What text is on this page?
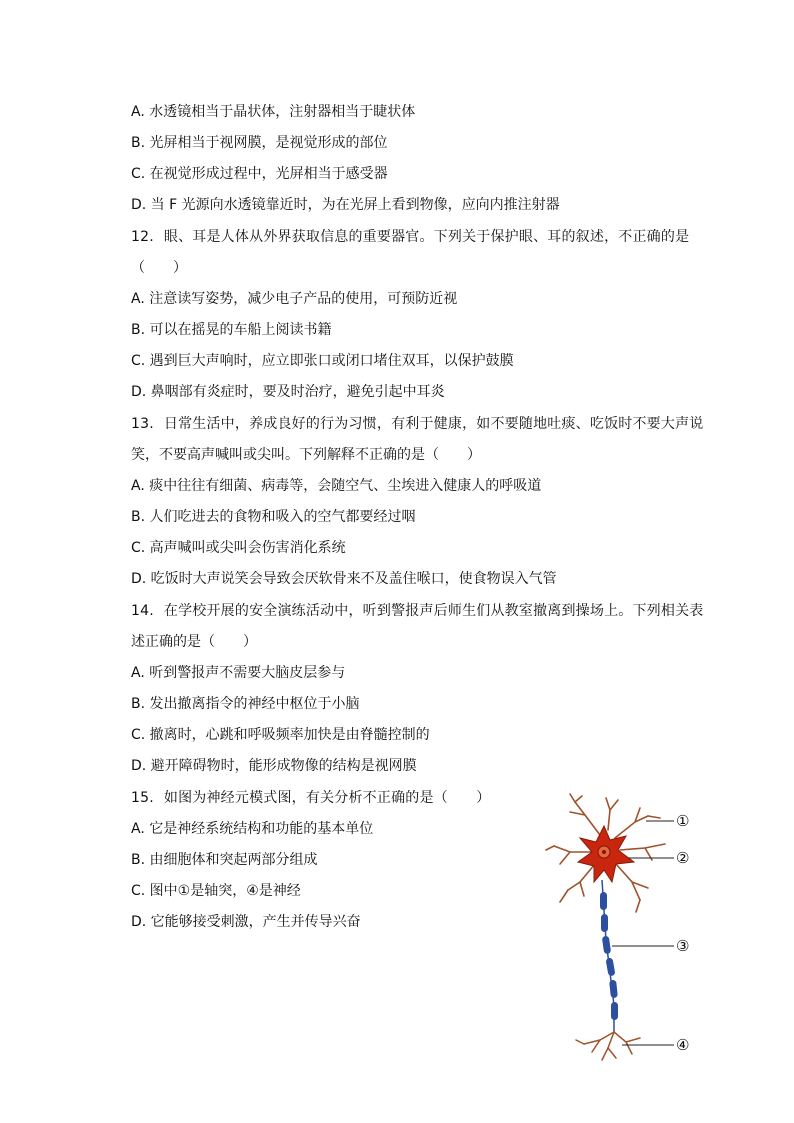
A. 水透镜相当于晶状体，注射器相当于睫状体
B. 光屏相当于视网膜，是视觉形成的部位
C. 在视觉形成过程中，光屏相当于感受器
D. 当 F 光源向水透镜靠近时，为在光屏上看到物像，应向内推注射器
12. 眼、耳是人体从外界获取信息的重要器官。下列关于保护眼、耳的叙述，不正确的是
（　　）
A. 注意读写姿势，减少电子产品的使用，可预防近视
B. 可以在摇晃的车船上阅读书籍
C. 遇到巨大声响时，应立即张口或闭口堵住双耳，以保护鼓膜
D. 鼻咽部有炎症时，要及时治疗，避免引起中耳炎
13. 日常生活中，养成良好的行为习惯，有利于健康，如不要随地吐痰、吃饭时不要大声说
笑，不要高声喊叫或尖叫。下列解释不正确的是（　　）
A. 痰中往往有细菌、病毒等，会随空气、尘埃进入健康人的呼吸道
B. 人们吃进去的食物和吸入的空气都要经过咽
C. 高声喊叫或尖叫会伤害消化系统
D. 吃饭时大声说笑会导致会厌软骨来不及盖住喉口，使食物误入气管
14. 在学校开展的安全演练活动中，听到警报声后师生们从教室撤离到操场上。下列相关表
述正确的是（　　）
A. 听到警报声不需要大脑皮层参与
B. 发出撤离指令的神经中枢位于小脑
C. 撤离时，心跳和呼吸频率加快是由脊髓控制的
D. 避开障碍物时，能形成物像的结构是视网膜
15. 如图为神经元模式图，有关分析不正确的是（　　）
A. 它是神经系统结构和功能的基本单位
B. 由细胞体和突起两部分组成
C. 图中①是轴突，④是神经
D. 它能够接受刺激，产生并传导兴奋
①
②
③
④
